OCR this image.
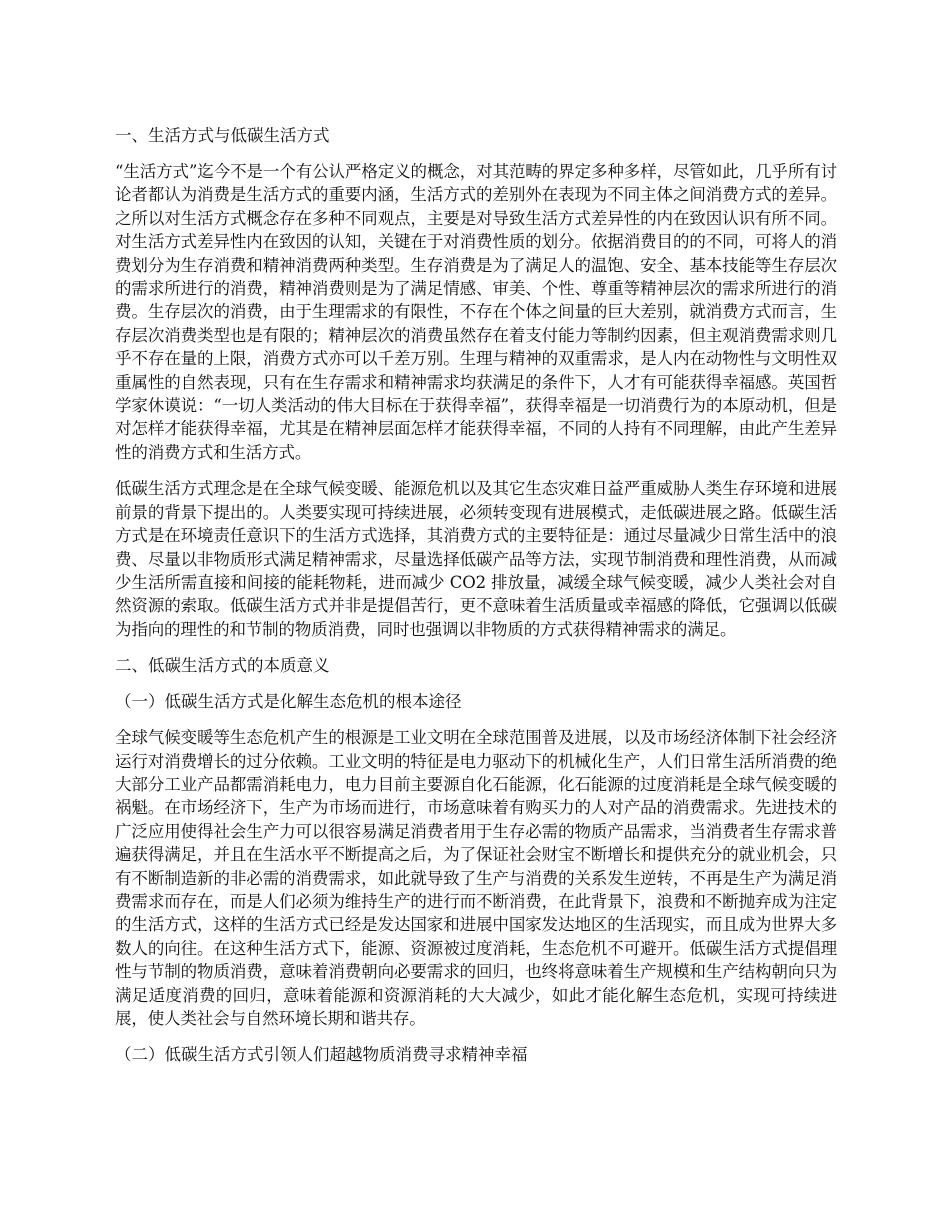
一、生活方式与低碳生活方式

“生活方式”迄今不是一个有公认严格定义的概念，对其范畴的界定多种多样，尽管如此，几乎所有讨论者都认为消费是生活方式的重要内涵，生活方式的差别外在表现为不同主体之间消费方式的差异。之所以对生活方式概念存在多种不同观点，主要是对导致生活方式差异性的内在致因认识有所不同。对生活方式差异性内在致因的认知，关键在于对消费性质的划分。依据消费目的的不同，可将人的消费划分为生存消费和精神消费两种类型。生存消费是为了满足人的温饱、安全、基本技能等生存层次的需求所进行的消费，精神消费则是为了满足情感、审美、个性、尊重等精神层次的需求所进行的消费。生存层次的消费，由于生理需求的有限性，不存在个体之间量的巨大差别，就消费方式而言，生存层次消费类型也是有限的；精神层次的消费虽然存在着支付能力等制约因素，但主观消费需求则几乎不存在量的上限，消费方式亦可以千差万别。生理与精神的双重需求，是人内在动物性与文明性双重属性的自然表现，只有在生存需求和精神需求均获满足的条件下，人才有可能获得幸福感。英国哲学家休谟说：“一切人类活动的伟大目标在于获得幸福”，获得幸福是一切消费行为的本原动机，但是对怎样才能获得幸福，尤其是在精神层面怎样才能获得幸福，不同的人持有不同理解，由此产生差异性的消费方式和生活方式。

低碳生活方式理念是在全球气候变暖、能源危机以及其它生态灾难日益严重威胁人类生存环境和进展前景的背景下提出的。人类要实现可持续进展，必须转变现有进展模式，走低碳进展之路。低碳生活方式是在环境责任意识下的生活方式选择，其消费方式的主要特征是：通过尽量减少日常生活中的浪费、尽量以非物质形式满足精神需求，尽量选择低碳产品等方法，实现节制消费和理性消费，从而减少生活所需直接和间接的能耗物耗，进而减少 CO2 排放量，减缓全球气候变暖，减少人类社会对自然资源的索取。低碳生活方式并非是提倡苦行，更不意味着生活质量或幸福感的降低，它强调以低碳为指向的理性的和节制的物质消费，同时也强调以非物质的方式获得精神需求的满足。

二、低碳生活方式的本质意义
（一）低碳生活方式是化解生态危机的根本途径

全球气候变暖等生态危机产生的根源是工业文明在全球范围普及进展，以及市场经济体制下社会经济运行对消费增长的过分依赖。工业文明的特征是电力驱动下的机械化生产，人们日常生活所消费的绝大部分工业产品都需消耗电力，电力目前主要源自化石能源，化石能源的过度消耗是全球气候变暖的祸魁。在市场经济下，生产为市场而进行，市场意味着有购买力的人对产品的消费需求。先进技术的广泛应用使得社会生产力可以很容易满足消费者用于生存必需的物质产品需求，当消费者生存需求普遍获得满足，并且在生活水平不断提高之后，为了保证社会财宝不断增长和提供充分的就业机会，只有不断制造新的非必需的消费需求，如此就导致了生产与消费的关系发生逆转，不再是生产为满足消费需求而存在，而是人们必须为维持生产的进行而不断消费，在此背景下，浪费和不断抛弃成为注定的生活方式，这样的生活方式已经是发达国家和进展中国家发达地区的生活现实，而且成为世界大多数人的向往。在这种生活方式下，能源、资源被过度消耗，生态危机不可避开。低碳生活方式提倡理性与节制的物质消费，意味着消费朝向必要需求的回归，也终将意味着生产规模和生产结构朝向只为满足适度消费的回归，意味着能源和资源消耗的大大减少，如此才能化解生态危机，实现可持续进展，使人类社会与自然环境长期和谐共存。

（二）低碳生活方式引领人们超越物质消费寻求精神幸福
